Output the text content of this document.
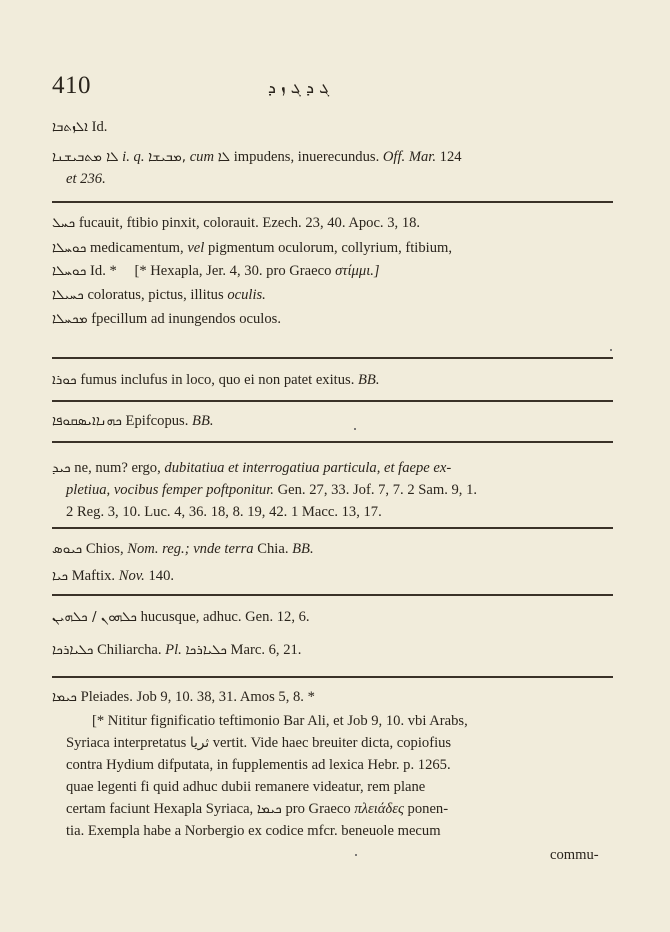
410	ܓ ܕ ܓ ܙ ܕ
ܐܠܙܬܒܐ Id.
ܠܐ ܡܬܒܝܫܢܐ i. q. ܡܒܝܫܐ, cum ܠܐ impudens, inuerecundus. Off. Mar. 124
et 236.
ܟܚܠ fucauit, ftibio pinxit, colorauit. Ezech. 23, 40. Apoc. 3, 18.
ܟܘܚܠܐ medicamentum, vel pigmentum oculorum, collyrium, ftibium,
ܟܘܚܠܐ Id. * [* Hexapla, Jer. 4, 30. pro Graeco στίμμι.]
ܟܚܝܠܐ coloratus, pictus, illitus oculis.
ܡܟܚܠܐ fpecillum ad inungendos oculos.
ܟܘܪܐ fumus inclufus in loco, quo ei non patet exitus. BB.
ܟܗܢܐܐܝܣܩܘܦܐ Epifcopus. BB.
ܟܝܕ ne, num? ergo, dubitatiua et interrogatiua particula, et faepe ex-
pletiua, vocibus femper poftponitur. Gen. 27, 33. Jof. 7, 7. 2 Sam. 9, 1.
2 Reg. 3, 10. Luc. 4, 36. 18, 8. 19, 42. 1 Macc. 13, 17.
ܟܝܘܣ Chios, Nom. reg.; vnde terra Chia. BB.
ܟܝܐ Maftix. Nov. 140.
ܟܠܗܘܢ / ܟܠܗܝܢ hucusque, adhuc. Gen. 12, 6.
ܟܠܝܐܪܟܐ Chiliarcha. Pl. ܟܠܝܐܪܟܐ Marc. 6, 21.
ܟܝܡܐ Pleiades. Job 9, 10. 38, 31. Amos 5, 8. *
[* Nititur fignificatio teftimonio Bar Ali, et Job 9, 10. vbi Arabs,
Syriaca interpretatus ثريا vertit. Vide haec breuiter dicta, copiofius
contra Hydium difputata, in fupplementis ad lexica Hebr. p. 1265.
quae legenti fi quid adhuc dubii remanere videatur, rem plane
certam faciunt Hexapla Syriaca, ܟܝܡܐ pro Graeco πλειάδες ponen-
tia. Exempla habe a Norbergio ex codice mfcr. beneuole mecum
commu-
